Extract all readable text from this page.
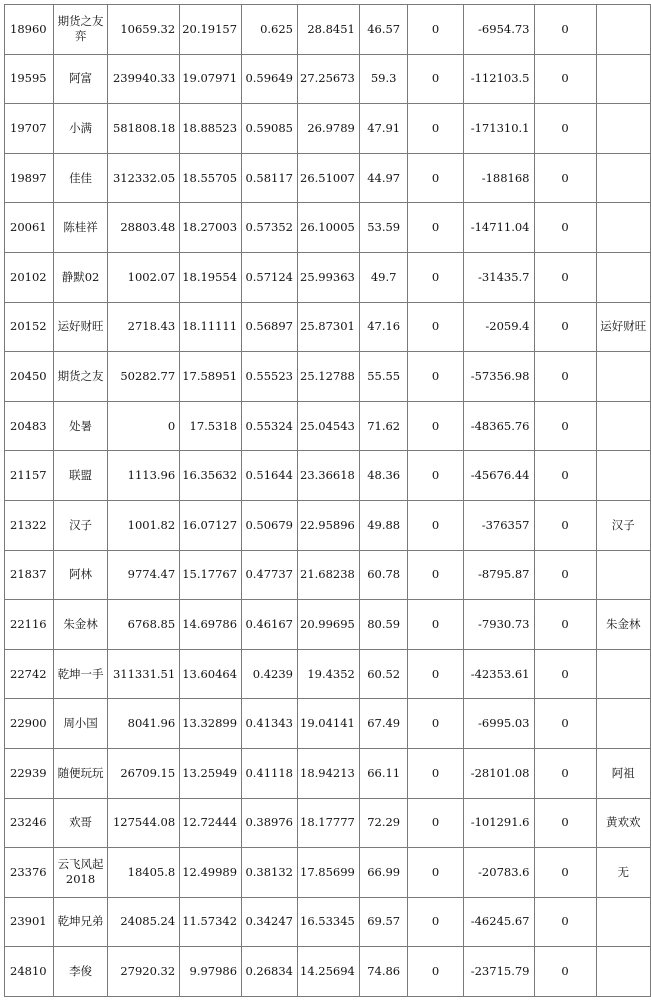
18960	期货之友弈	10659.32	20.19157	0.625	28.8451	46.57	0	-6954.73	0	
19595	阿富	239940.33	19.07971	0.59649	27.25673	59.3	0	-112103.5	0	
19707	小满	581808.18	18.88523	0.59085	26.9789	47.91	0	-171310.1	0	
19897	佳佳	312332.05	18.55705	0.58117	26.51007	44.97	0	-188168	0	
20061	陈桂祥	28803.48	18.27003	0.57352	26.10005	53.59	0	-14711.04	0	
20102	静默02	1002.07	18.19554	0.57124	25.99363	49.7	0	-31435.7	0	
20152	运好财旺	2718.43	18.11111	0.56897	25.87301	47.16	0	-2059.4	0	运好财旺
20450	期货之友	50282.77	17.58951	0.55523	25.12788	55.55	0	-57356.98	0	
20483	处暑	0	17.5318	0.55324	25.04543	71.62	0	-48365.76	0	
21157	联盟	1113.96	16.35632	0.51644	23.36618	48.36	0	-45676.44	0	
21322	汉子	1001.82	16.07127	0.50679	22.95896	49.88	0	-376357	0	汉子
21837	阿林	9774.47	15.17767	0.47737	21.68238	60.78	0	-8795.87	0	
22116	朱金林	6768.85	14.69786	0.46167	20.99695	80.59	0	-7930.73	0	朱金林
22742	乾坤一手	311331.51	13.60464	0.4239	19.4352	60.52	0	-42353.61	0	
22900	周小国	8041.96	13.32899	0.41343	19.04141	67.49	0	-6995.03	0	
22939	随便玩玩	26709.15	13.25949	0.41118	18.94213	66.11	0	-28101.08	0	阿祖
23246	欢哥	127544.08	12.72444	0.38976	18.17777	72.29	0	-101291.6	0	黄欢欢
23376	云飞风起2018	18405.8	12.49989	0.38132	17.85699	66.99	0	-20783.6	0	无
23901	乾坤兄弟	24085.24	11.57342	0.34247	16.53345	69.57	0	-46245.67	0	
24810	李俊	27920.32	9.97986	0.26834	14.25694	74.86	0	-23715.79	0	
